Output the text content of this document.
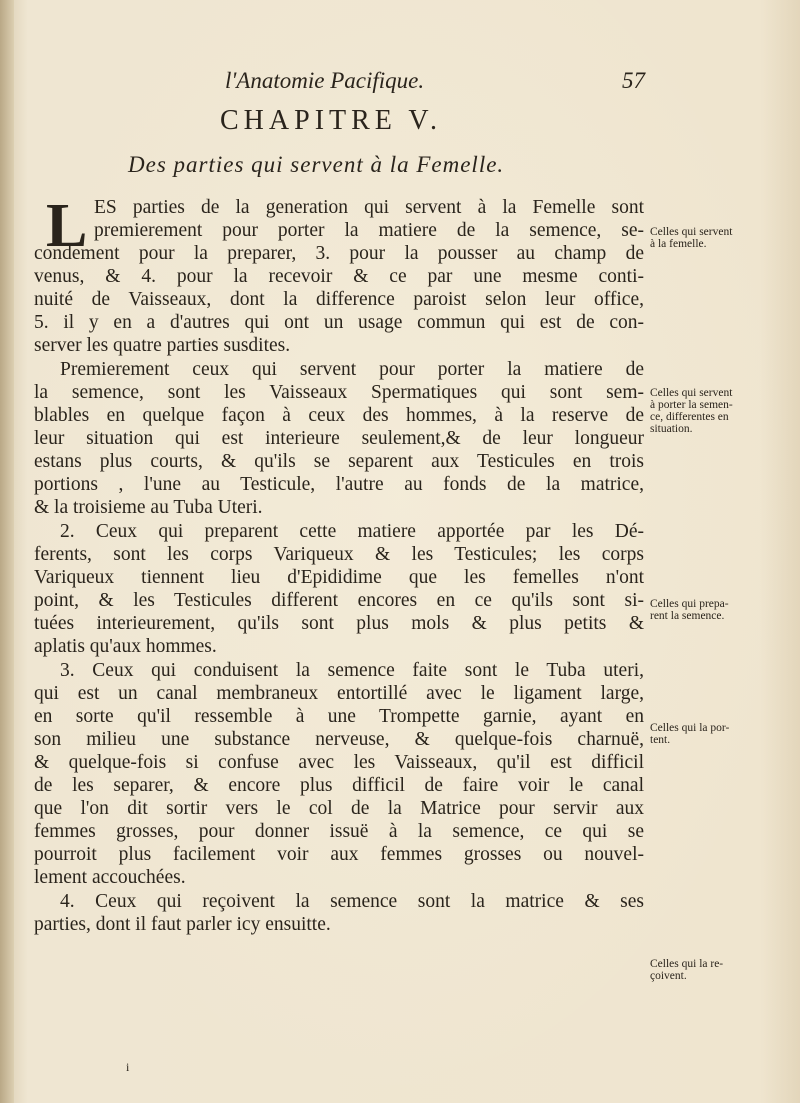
l'Anatomie Pacifique.	57
CHAPITRE V.
Des parties qui servent à la Femelle.
L ES parties de la generation qui servent à la Femelle sont
premierement pour porter la matiere de la semence, se-
condement pour la preparer, 3. pour la pousser au champ de
venus, & 4. pour la recevoir & ce par une mesme conti-
nuité de Vaisseaux, dont la difference paroist selon leur office,
5. il y en a d'autres qui ont un usage commun qui est de con-
server les quatre parties susdites.
Premierement ceux qui servent pour porter la matiere de
la semence, sont les Vaisseaux Spermatiques qui sont sem-
blables en quelque façon à ceux des hommes, à la reserve de
leur situation qui est interieure seulement,& de leur longueur
estans plus courts, & qu'ils se separent aux Testicules en trois
portions , l'une au Testicule, l'autre au fonds de la matrice,
& la troisieme au Tuba Uteri.
2. Ceux qui preparent cette matiere apportée par les Dé-
ferents, sont les corps Variqueux & les Testicules; les corps
Variqueux tiennent lieu d'Epididime que les femelles n'ont
point, & les Testicules different encores en ce qu'ils sont si-
tuées interieurement, qu'ils sont plus mols & plus petits &
aplatis qu'aux hommes.
3. Ceux qui conduisent la semence faite sont le Tuba uteri,
qui est un canal membraneux entortillé avec le ligament large,
en sorte qu'il ressemble à une Trompette garnie, ayant en
son milieu une substance nerveuse, & quelque-fois charnuë,
& quelque-fois si confuse avec les Vaisseaux, qu'il est difficil
de les separer, & encore plus difficil de faire voir le canal
que l'on dit sortir vers le col de la Matrice pour servir aux
femmes grosses, pour donner issuë à la semence, ce qui se
pourroit plus facilement voir aux femmes grosses ou nouvel-
lement accouchées.
4. Ceux qui reçoivent la semence sont la matrice & ses
parties, dont il faut parler icy ensuitte.
Celles qui servent
à la femelle.
Celles qui servent
à porter la semen-
ce, differentes en
situation.
Celles qui prepa-
rent la semence.
Celles qui la por-
tent.
Celles qui la re-
çoivent.
i
